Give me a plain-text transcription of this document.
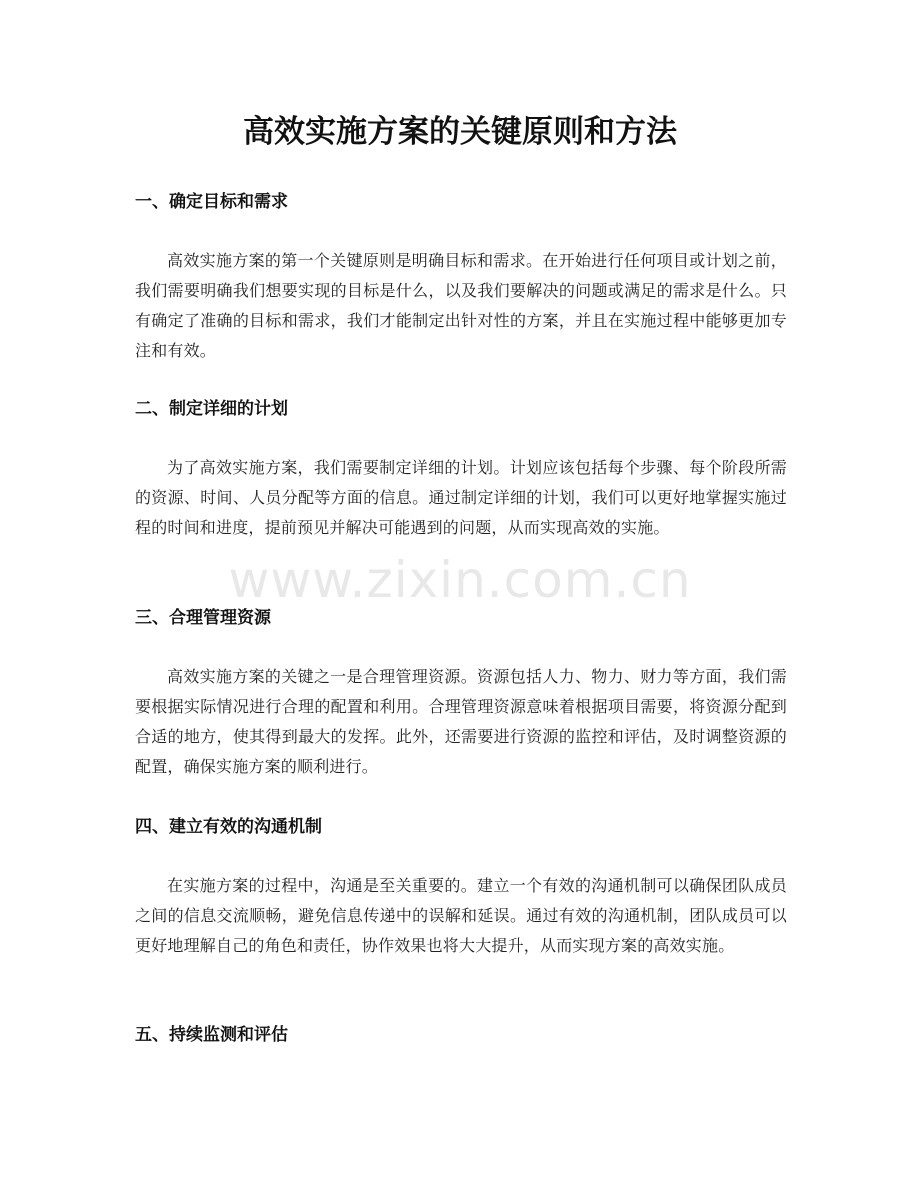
高效实施方案的关键原则和方法
一、确定目标和需求

高效实施方案的第一个关键原则是明确目标和需求。在开始进行任何项目或计划之前，我们需要明确我们想要实现的目标是什么，以及我们要解决的问题或满足的需求是什么。只有确定了准确的目标和需求，我们才能制定出针对性的方案，并且在实施过程中能够更加专注和有效。

二、制定详细的计划

为了高效实施方案，我们需要制定详细的计划。计划应该包括每个步骤、每个阶段所需的资源、时间、人员分配等方面的信息。通过制定详细的计划，我们可以更好地掌握实施过程的时间和进度，提前预见并解决可能遇到的问题，从而实现高效的实施。

三、合理管理资源

高效实施方案的关键之一是合理管理资源。资源包括人力、物力、财力等方面，我们需要根据实际情况进行合理的配置和利用。合理管理资源意味着根据项目需要，将资源分配到合适的地方，使其得到最大的发挥。此外，还需要进行资源的监控和评估，及时调整资源的配置，确保实施方案的顺利进行。

四、建立有效的沟通机制

在实施方案的过程中，沟通是至关重要的。建立一个有效的沟通机制可以确保团队成员之间的信息交流顺畅，避免信息传递中的误解和延误。通过有效的沟通机制，团队成员可以更好地理解自己的角色和责任，协作效果也将大大提升，从而实现方案的高效实施。

五、持续监测和评估
www.zixin.com.cn
